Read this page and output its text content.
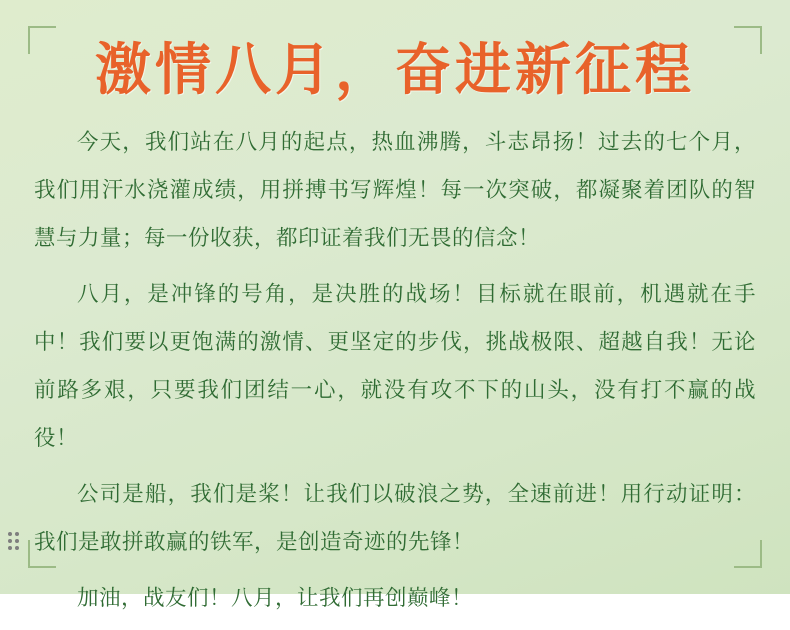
激情八月，奋进新征程

今天，我们站在八月的起点，热血沸腾，斗志昂扬！过去的七个月，我们用汗水浇灌成绩，用拼搏书写辉煌！每一次突破，都凝聚着团队的智慧与力量；每一份收获，都印证着我们无畏的信念！

八月，是冲锋的号角，是决胜的战场！目标就在眼前，机遇就在手中！我们要以更饱满的激情、更坚定的步伐，挑战极限、超越自我！无论前路多艰，只要我们团结一心，就没有攻不下的山头，没有打不赢的战役！

公司是船，我们是桨！让我们以破浪之势，全速前进！用行动证明：我们是敢拼敢赢的铁军，是创造奇迹的先锋！

加油，战友们！八月，让我们再创巅峰！
